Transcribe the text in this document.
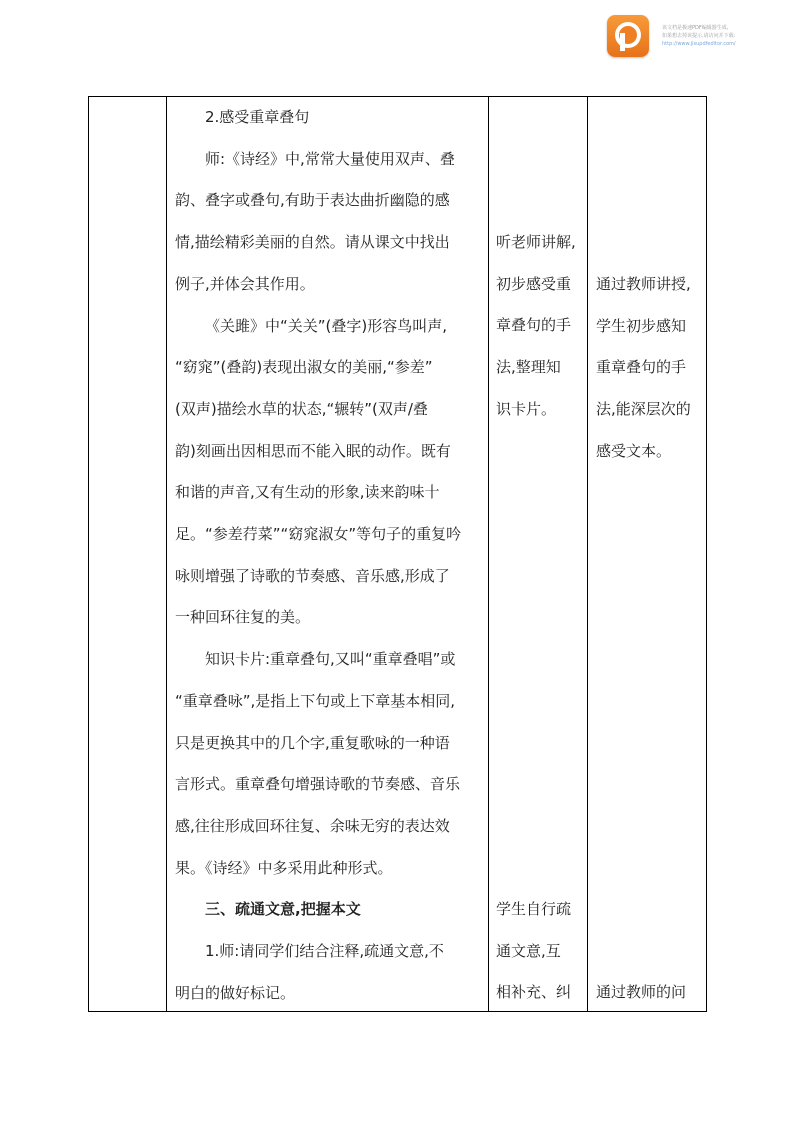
该文档是极速PDF编辑器生成,
如果想去掉该提示,请访问并下载:
http://www.jisupdfeditor.com/

2.感受重章叠句

师:《诗经》中,常常大量使用双声、叠

韵、叠字或叠句,有助于表达曲折幽隐的感

情,描绘精彩美丽的自然。请从课文中找出

例子,并体会其作用。

《关雎》中“关关”(叠字)形容鸟叫声,

“窈窕”(叠韵)表现出淑女的美丽,“参差”

(双声)描绘水草的状态,“辗转”(双声/叠

韵)刻画出因相思而不能入眠的动作。既有

和谐的声音,又有生动的形象,读来韵味十

足。“参差荇菜”“窈窕淑女”等句子的重复吟

咏则增强了诗歌的节奏感、音乐感,形成了

一种回环往复的美。

知识卡片:重章叠句,又叫“重章叠唱”或

“重章叠咏”,是指上下句或上下章基本相同,

只是更换其中的几个字,重复歌咏的一种语

言形式。重章叠句增强诗歌的节奏感、音乐

感,往往形成回环往复、余味无穷的表达效

果。《诗经》中多采用此种形式。

三、疏通文意,把握本文

1.师:请同学们结合注释,疏通文意,不

明白的做好标记。

听老师讲解,

初步感受重

章叠句的手

法,整理知

识卡片。

学生自行疏

通文意,互

相补充、纠

通过教师讲授,

学生初步感知

重章叠句的手

法,能深层次的

感受文本。

通过教师的问
